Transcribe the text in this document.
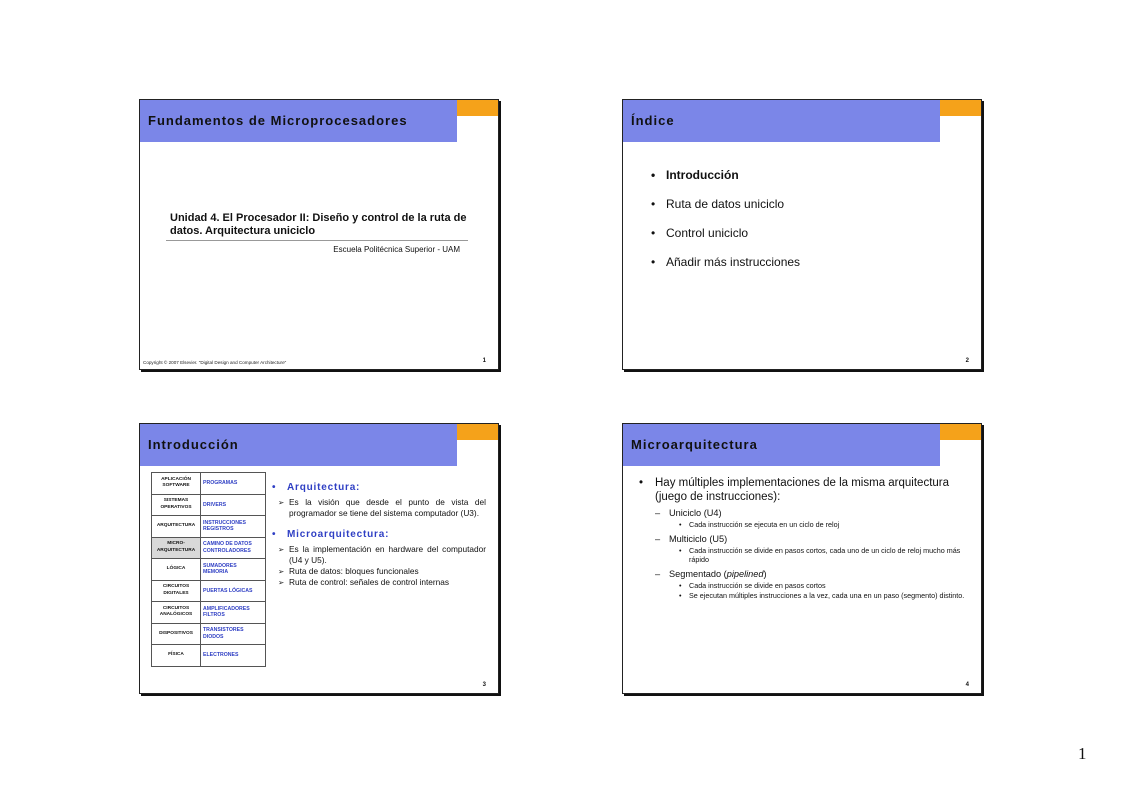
Fundamentos de Microprocesadores
Unidad 4. El Procesador II: Diseño y control de la ruta de datos. Arquitectura uniciclo
Escuela Politécnica Superior - UAM
Copyright © 2007 Elsevier. "Digital Design and Computer Architecture"	1
Índice
• Introducción
• Ruta de datos uniciclo
• Control uniciclo
• Añadir más instrucciones
2
Introducción
APLICACIÓN SOFTWARE	PROGRAMAS
SISTEMAS OPERATIVOS	DRIVERS
ARQUITECTURA	INSTRUCCIONES REGISTROS
MICRO-ARQUITECTURA	CAMINO DE DATOS CONTROLADORES
LÓGICA	SUMADORES MEMORIA
CIRCUITOS DIGITALES	PUERTAS LÓGICAS
CIRCUITOS ANALÓGICOS	AMPLIFICADORES FILTROS
DISPOSITIVOS	TRANSISTORES DIODOS
FÍSICA	ELECTRONES
• Arquitectura:
➢ Es la visión que desde el punto de vista del programador se tiene del sistema computador (U3).
• Microarquitectura:
➢ Es la implementación en hardware del computador (U4 y U5).
➢ Ruta de datos: bloques funcionales
➢ Ruta de control: señales de control internas
3
Microarquitectura
• Hay múltiples implementaciones de la misma arquitectura (juego de instrucciones):
– Uniciclo (U4)
• Cada instrucción se ejecuta en un ciclo de reloj
– Multiciclo (U5)
• Cada instrucción se divide en pasos cortos, cada uno de un ciclo de reloj mucho más rápido
– Segmentado (pipelined)
• Cada instrucción se divide en pasos cortos
• Se ejecutan múltiples instrucciones a la vez, cada una en un paso (segmento) distinto.
4
1
